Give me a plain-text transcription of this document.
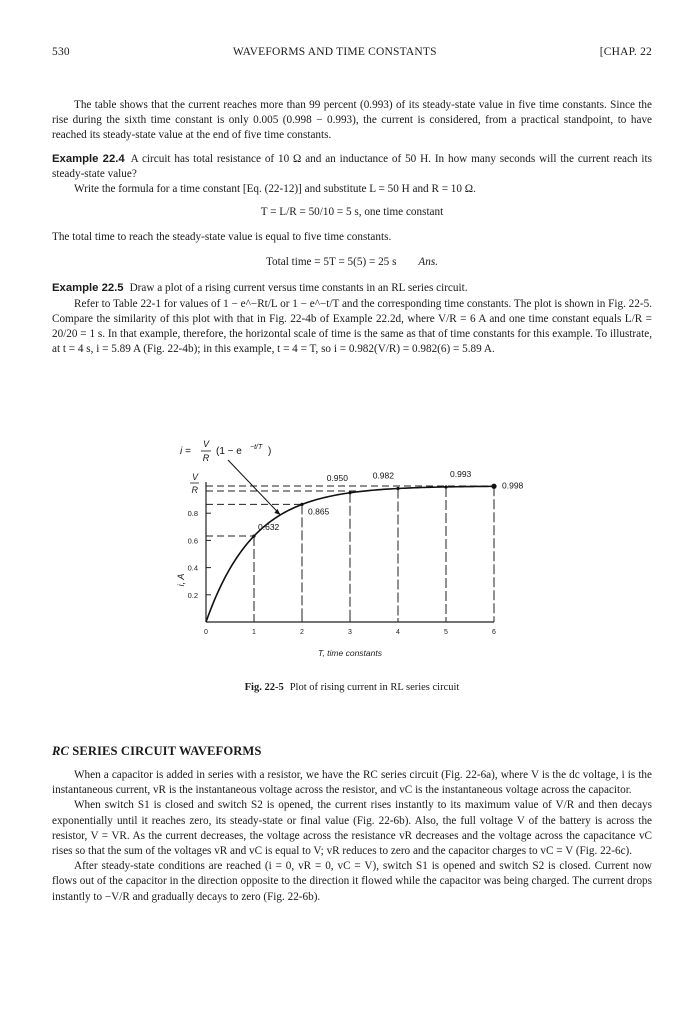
530	WAVEFORMS AND TIME CONSTANTS	[CHAP. 22

The table shows that the current reaches more than 99 percent (0.993) of its steady-state value in five time constants. Since the rise during the sixth time constant is only 0.005 (0.998 − 0.993), the current is considered, from a practical standpoint, to have reached its steady-state value at the end of five time constants.

Example 22.4 A circuit has total resistance of 10 Ω and an inductance of 50 H. In how many seconds will the current reach its steady-state value?

Write the formula for a time constant [Eq. (22-12)] and substitute L = 50 H and R = 10 Ω.

T = L/R = 50/10 = 5 s, one time constant

The total time to reach the steady-state value is equal to five time constants.

Total time = 5T = 5(5) = 25 s Ans.

Example 22.5 Draw a plot of a rising current versus time constants in an RL series circuit.

Refer to Table 22-1 for values of 1 − e^−Rt/L or 1 − e^−t/T and the corresponding time constants. The plot is shown in Fig. 22-5. Compare the similarity of this plot with that in Fig. 22-4b of Example 22.2d, where V/R = 6 A and one time constant equals L/R = 20/20 = 1 s. In that example, therefore, the horizontal scale of time is the same as that of time constants for this example. To illustrate, at t = 4 s, i = 5.89 A (Fig. 22-4b); in this example, t = 4 = T, so i = 0.982(V/R) = 0.982(6) = 5.89 A.

0.2
0.4
0.6
0.8
V
R
i, A
0	1	2	3	4	5	6
T, time constants
0.632
0.865
0.950	0.982	0.993
0.998
i =
V
R
(1 − e −t/T )
Fig. 22-5 Plot of rising current in RL series circuit
RC SERIES CIRCUIT WAVEFORMS

When a capacitor is added in series with a resistor, we have the RC series circuit (Fig. 22-6a), where V is the dc voltage, i is the instantaneous current, vR is the instantaneous voltage across the resistor, and vC is the instantaneous voltage across the capacitor.

When switch S1 is closed and switch S2 is opened, the current rises instantly to its maximum value of V/R and then decays exponentially until it reaches zero, its steady-state or final value (Fig. 22-6b). Also, the full voltage V of the battery is across the resistor, V = VR. As the current decreases, the voltage across the resistance vR decreases and the voltage across the capacitance vC rises so that the sum of the voltages vR and vC is equal to V; vR reduces to zero and the capacitor charges to vC = V (Fig. 22-6c).

After steady-state conditions are reached (i = 0, vR = 0, vC = V), switch S1 is opened and switch S2 is closed. Current now flows out of the capacitor in the direction opposite to the direction it flowed while the capacitor was being charged. The current drops instantly to −V/R and gradually decays to zero (Fig. 22-6b).
